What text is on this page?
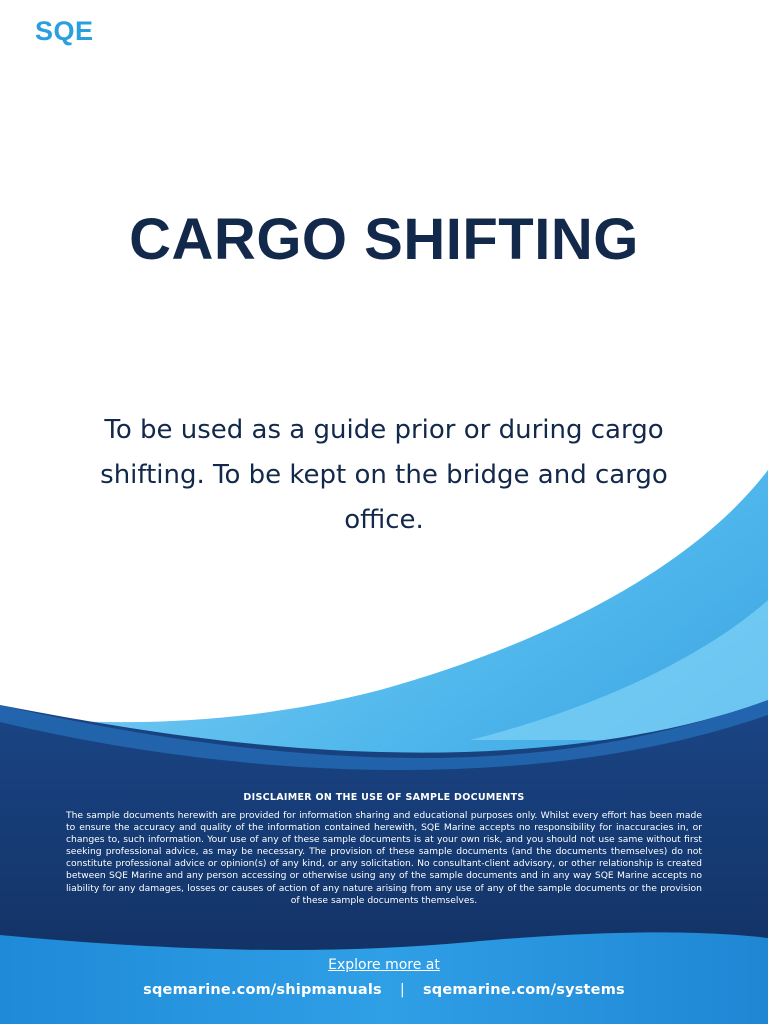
SQEMARINE
CARGO SHIFTING

To be used as a guide prior or during cargo shifting. To be kept on the bridge and cargo office.

DISCLAIMER ON THE USE OF SAMPLE DOCUMENTS

The sample documents herewith are provided for information sharing and educational purposes only. Whilst every effort has been made to ensure the accuracy and quality of the information contained herewith, SQE Marine accepts no responsibility for inaccuracies in, or changes to, such information. Your use of any of these sample documents is at your own risk, and you should not use same without first seeking professional advice, as may be necessary. The provision of these sample documents (and the documents themselves) do not constitute professional advice or opinion(s) of any kind, or any solicitation. No consultant-client advisory, or other relationship is created between SQE Marine and any person accessing or otherwise using any of the sample documents and in any way SQE Marine accepts no liability for any damages, losses or causes of action of any nature arising from any use of any of the sample documents or the provision of these sample documents themselves.

Explore more at
sqemarine.com/shipmanuals | sqemarine.com/systems
